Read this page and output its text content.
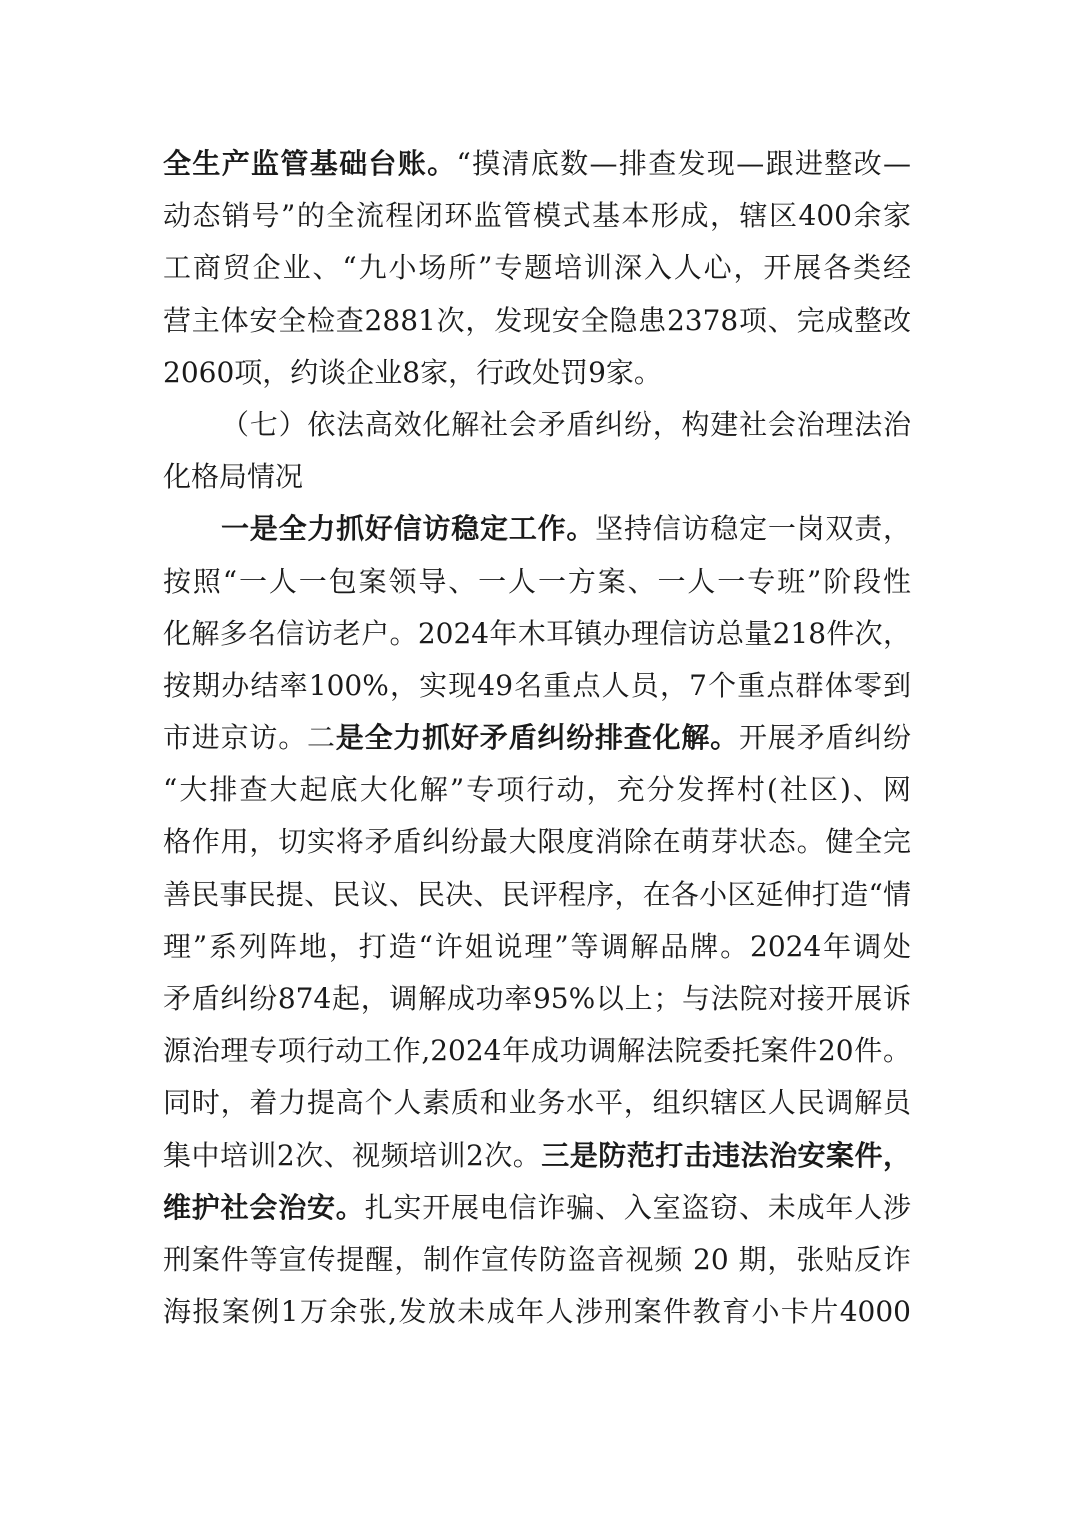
全生产监管基础台账。“摸清底数—排查发现—跟进整改—
动态销号”的全流程闭环监管模式基本形成，辖区400余家
工商贸企业、“九小场所”专题培训深入人心，开展各类经
营主体安全检查2881次，发现安全隐患2378项、完成整改
2060项，约谈企业8家，行政处罚9家。
（七）依法高效化解社会矛盾纠纷，构建社会治理法治
化格局情况
一是全力抓好信访稳定工作。坚持信访稳定一岗双责，
按照“一人一包案领导、一人一方案、一人一专班”阶段性
化解多名信访老户。2024年木耳镇办理信访总量218件次，
按期办结率100%，实现49名重点人员，7个重点群体零到
市进京访。二是全力抓好矛盾纠纷排查化解。开展矛盾纠纷
“大排查大起底大化解”专项行动，充分发挥村(社区)、网
格作用，切实将矛盾纠纷最大限度消除在萌芽状态。健全完
善民事民提、民议、民决、民评程序，在各小区延伸打造“情
理”系列阵地，打造“许姐说理”等调解品牌。2024年调处
矛盾纠纷874起，调解成功率95%以上；与法院对接开展诉
源治理专项行动工作,2024年成功调解法院委托案件20件。
同时，着力提高个人素质和业务水平，组织辖区人民调解员
集中培训2次、视频培训2次。三是防范打击违法治安案件，
维护社会治安。扎实开展电信诈骗、入室盗窃、未成年人涉
刑案件等宣传提醒，制作宣传防盗音视频 20 期，张贴反诈
海报案例1万余张,发放未成年人涉刑案件教育小卡片4000
